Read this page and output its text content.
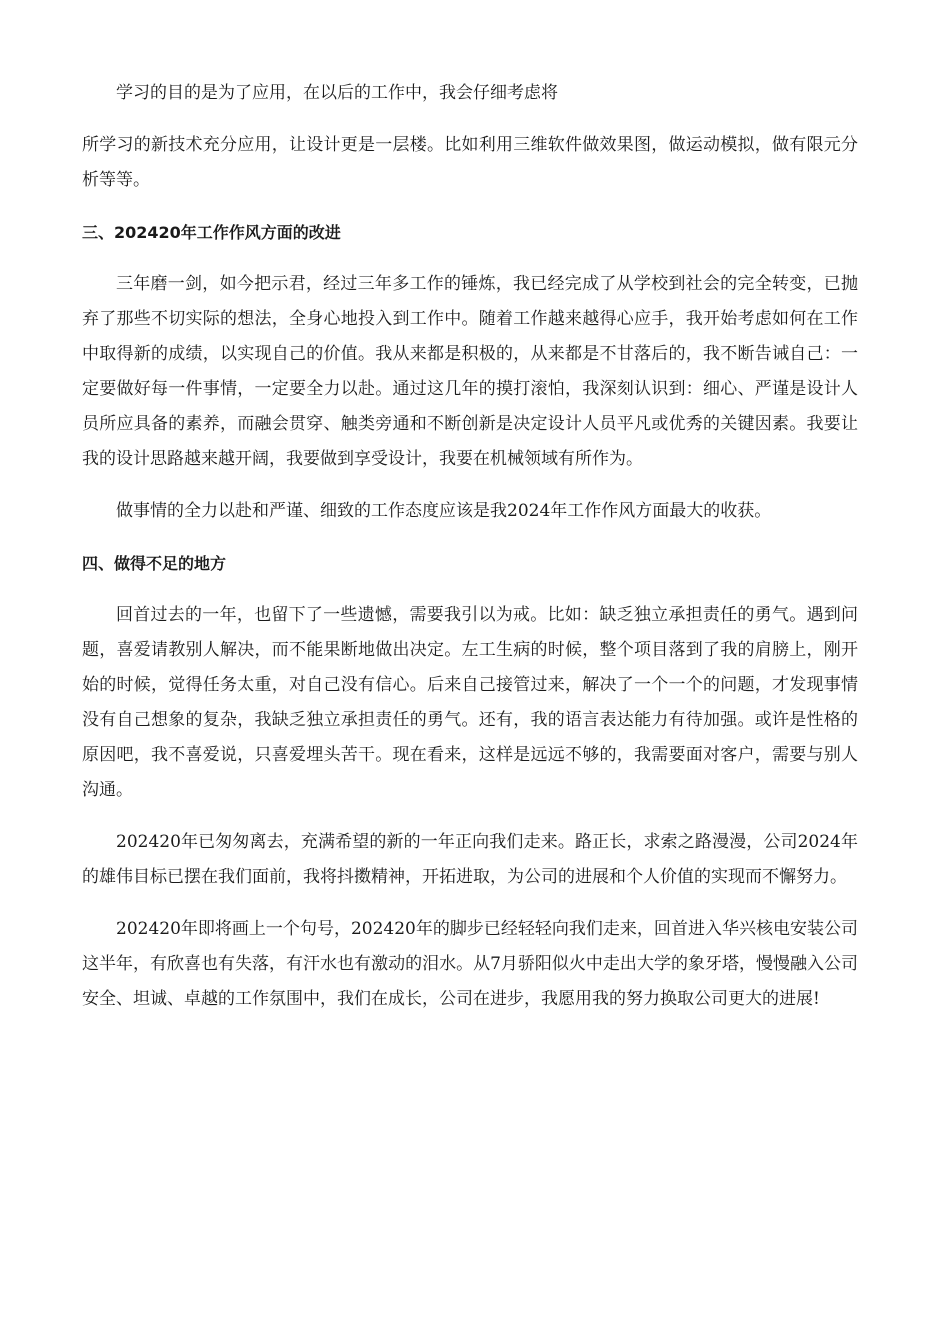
学习的目的是为了应用，在以后的工作中，我会仔细考虑将

所学习的新技术充分应用，让设计更是一层楼。比如利用三维软件做效果图，做运动模拟，做有限元分析等等。

三、202420年工作作风方面的改进

三年磨一剑，如今把示君，经过三年多工作的锤炼，我已经完成了从学校到社会的完全转变，已抛弃了那些不切实际的想法，全身心地投入到工作中。随着工作越来越得心应手，我开始考虑如何在工作中取得新的成绩，以实现自己的价值。我从来都是积极的，从来都是不甘落后的，我不断告诫自己：一定要做好每一件事情，一定要全力以赴。通过这几年的摸打滚怕，我深刻认识到：细心、严谨是设计人员所应具备的素养，而融会贯穿、触类旁通和不断创新是决定设计人员平凡或优秀的关键因素。我要让我的设计思路越来越开阔，我要做到享受设计，我要在机械领域有所作为。

做事情的全力以赴和严谨、细致的工作态度应该是我2024年工作作风方面最大的收获。

四、做得不足的地方

回首过去的一年，也留下了一些遗憾，需要我引以为戒。比如：缺乏独立承担责任的勇气。遇到问题，喜爱请教别人解决，而不能果断地做出决定。左工生病的时候，整个项目落到了我的肩膀上，刚开始的时候，觉得任务太重，对自己没有信心。后来自己接管过来，解决了一个一个的问题，才发现事情没有自己想象的复杂，我缺乏独立承担责任的勇气。还有，我的语言表达能力有待加强。或许是性格的原因吧，我不喜爱说，只喜爱埋头苦干。现在看来，这样是远远不够的，我需要面对客户，需要与别人沟通。

202420年已匆匆离去，充满希望的新的一年正向我们走来。路正长，求索之路漫漫，公司2024年的雄伟目标已摆在我们面前，我将抖擞精神，开拓进取，为公司的进展和个人价值的实现而不懈努力。

202420年即将画上一个句号，202420年的脚步已经轻轻向我们走来，回首进入华兴核电安装公司这半年，有欣喜也有失落，有汗水也有激动的泪水。从7月骄阳似火中走出大学的象牙塔，慢慢融入公司安全、坦诚、卓越的工作氛围中，我们在成长，公司在进步，我愿用我的努力换取公司更大的进展!
